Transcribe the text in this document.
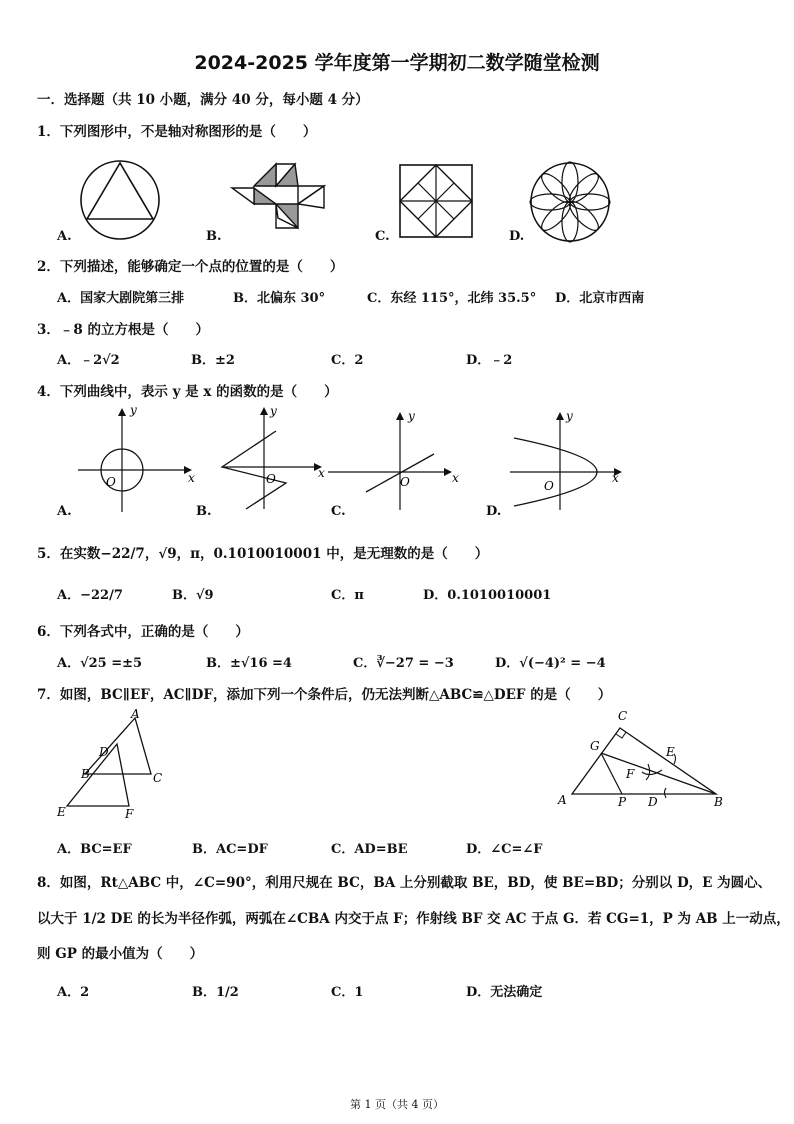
2024-2025 学年度第一学期初二数学随堂检测
一．选择题（共 10 小题，满分 40 分，每小题 4 分）
1．下列图形中，不是轴对称图形的是（　　）
A.	B.	C.	D.
2．下列描述，能够确定一个点的位置的是（　　）
A．国家大剧院第三排	B．北偏东 30°	C．东经 115°，北纬 35.5° D．北京市西南
3．﹣8 的立方根是（　　）
A．﹣2√2	B．±2	C．2	D．﹣2
4．下列曲线中，表示 y 是 x 的函数的是（　　）
y
x
O
y
x
O
y
x
O
y
x
O
A.	B.	C.	D.
5．在实数−22/7，√9，π，0.1010010001 中，是无理数的是（　　）
A．−22/7	B．√9	C．π	D．0.1010010001
6．下列各式中，正确的是（　　）
A．√25 =±5	B．±√16 =4	C．∛−27 = −3	D．√(−4)² = −4
7．如图，BC∥EF，AC∥DF，添加下列一个条件后，仍无法判断△ABC≌△DEF 的是（　　）
A
D
B	C
E	F
C
G	E
F
A	P D	B
A．BC=EF	B．AC=DF	C．AD=BE	D．∠C=∠F
8．如图，Rt△ABC 中，∠C=90°，利用尺规在 BC，BA 上分别截取 BE，BD，使 BE=BD；分别以 D，E 为圆心、
以大于 1/2 DE 的长为半径作弧，两弧在∠CBA 内交于点 F；作射线 BF 交 AC 于点 G．若 CG=1，P 为 AB 上一动点，
则 GP 的最小值为（　　）
A．2	B．1/2	C．1	D．无法确定
第 1 页（共 4 页）
